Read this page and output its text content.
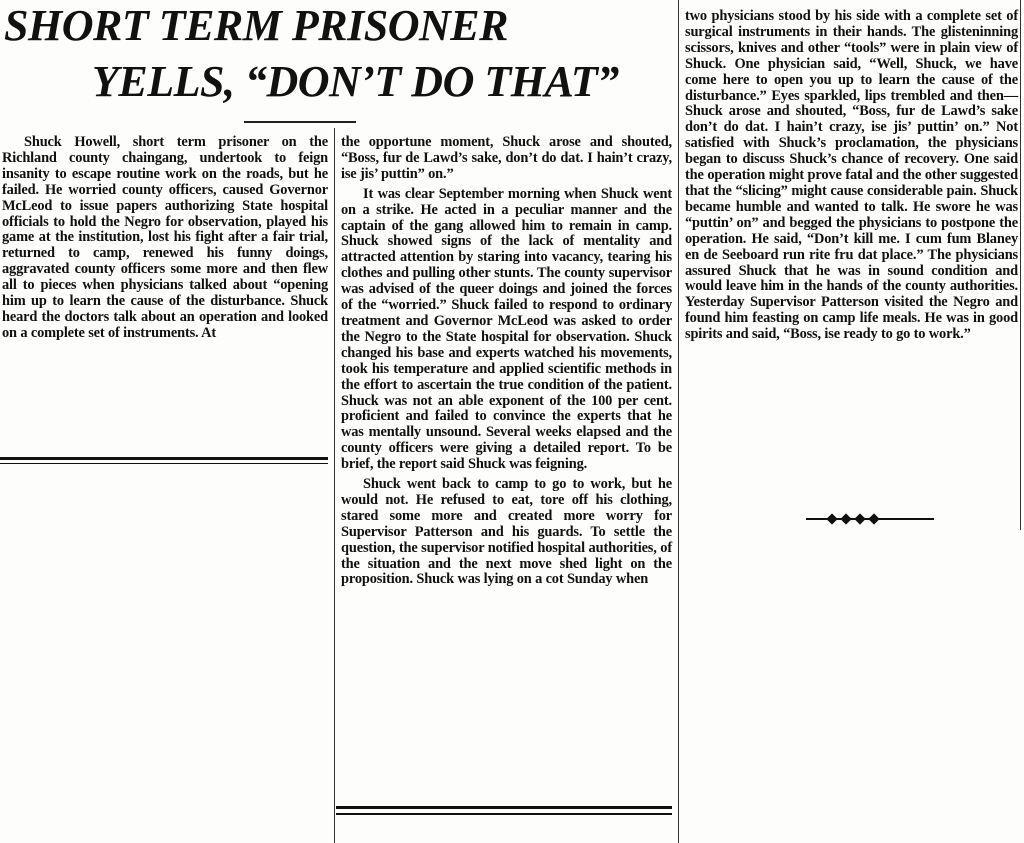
SHORT TERM PRISONER
YELLS, “DON’T DO THAT”

Shuck Howell, short term prisoner on the Richland county chaingang, undertook to feign insanity to escape routine work on the roads, but he failed. He worried county officers, caused Governor McLeod to issue papers authorizing State hospital officials to hold the Negro for observation, played his game at the institution, lost his fight after a fair trial, returned to camp, renewed his funny doings, aggravated county officers some more and then flew all to pieces when physicians talked about “opening him up to learn the cause of the disturbance. Shuck heard the doctors talk about an operation and looked on a complete set of instruments. At

the opportune moment, Shuck arose and shouted, “Boss, fur de Lawd’s sake, don’t do dat. I hain’t crazy, ise jis’ puttin” on.”

It was clear September morning when Shuck went on a strike. He acted in a peculiar manner and the captain of the gang allowed him to remain in camp. Shuck showed signs of the lack of mentality and attracted attention by staring into vacancy, tearing his clothes and pulling other stunts. The county supervisor was advised of the queer doings and joined the forces of the “worried.” Shuck failed to respond to ordinary treatment and Governor McLeod was asked to order the Negro to the State hospital for observation. Shuck changed his base and experts watched his movements, took his temperature and applied scientific methods in the effort to ascertain the true condition of the patient. Shuck was not an able exponent of the 100 per cent. proficient and failed to convince the experts that he was mentally unsound. Several weeks elapsed and the county officers were giving a detailed report. To be brief, the report said Shuck was feigning.

Shuck went back to camp to go to work, but he would not. He refused to eat, tore off his clothing, stared some more and created more worry for Supervisor Patterson and his guards. To settle the question, the supervisor notified hospital authorities, of the situation and the next move shed light on the proposition. Shuck was lying on a cot Sunday when

two physicians stood by his side with a complete set of surgical instruments in their hands. The glisteninning scissors, knives and other “tools” were in plain view of Shuck. One physician said, “Well, Shuck, we have come here to open you up to learn the cause of the disturbance.” Eyes sparkled, lips trembled and then—Shuck arose and shouted, “Boss, fur de Lawd’s sake don’t do dat. I hain’t crazy, ise jis’ puttin’ on.” Not satisfied with Shuck’s proclamation, the physicians began to discuss Shuck’s chance of recovery. One said the operation might prove fatal and the other suggested that the “slicing” might cause considerable pain. Shuck became humble and wanted to talk. He swore he was “puttin’ on” and begged the physicians to postpone the operation. He said, “Don’t kill me. I cum fum Blaney en de Seeboard run rite fru dat place.” The physicians assured Shuck that he was in sound condition and would leave him in the hands of the county authorities. Yesterday Supervisor Patterson visited the Negro and found him feasting on camp life meals. He was in good spirits and said, “Boss, ise ready to go to work.”
